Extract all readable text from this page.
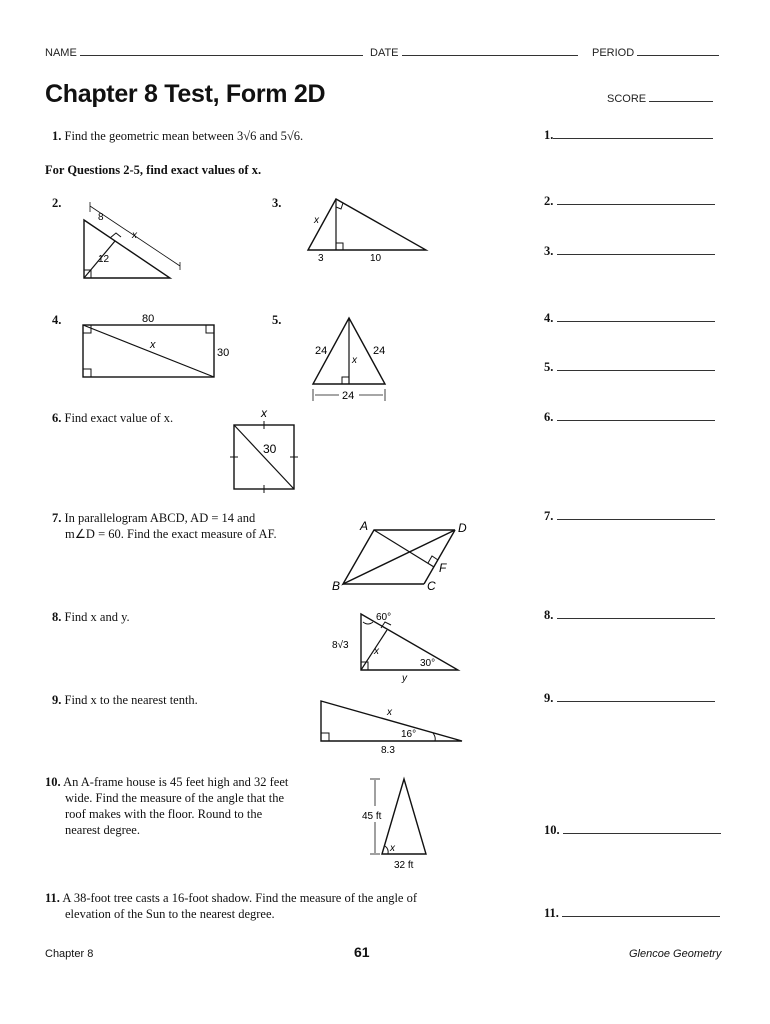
NAME	DATE	PERIOD
Chapter 8 Test, Form 2D	SCORE
1. Find the geometric mean between 3√6 and 5√6.
For Questions 2-5, find exact values of x.
2.
8
x
12
3.
x
3	10
4.	80
30
x
5.
24	24
x
24
6. Find exact value of x.	x
30
7. In parallelogram ABCD, AD = 14 and
m∠D = 60. Find the exact measure of AF.
A	D
B	C
F
8. Find x and y.	60°
8√3
x
30°
y
9. Find x to the nearest tenth.
x
16°
8.3
10. An A-frame house is 45 feet high and 32 feet
wide. Find the measure of the angle that the
roof makes with the floor. Round to the
nearest degree.
45 ft
x
32 ft
11. A 38-foot tree casts a 16-foot shadow. Find the measure of the angle of
elevation of the Sun to the nearest degree.
1.
2.
3.
4.
5.
6.
7.
8.
9.
10.
11.
Chapter 8	61	Glencoe Geometry
